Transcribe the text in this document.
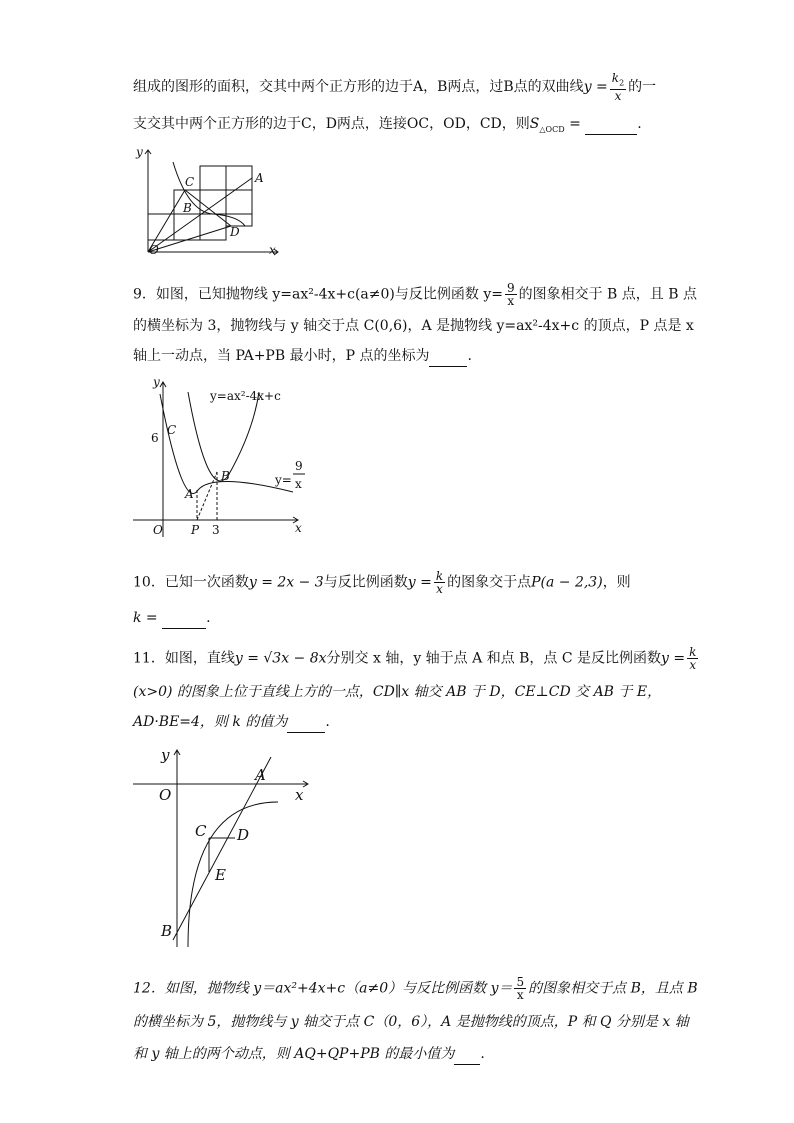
组成的图形的面积，交其中两个正方形的边于A，B两点，过B点的双曲线$y = \frac{k_2}{x}$ 的一
支交其中两个正方形的边于C，D两点，连接OC，OD，CD，则$S_{\triangle OCD}$ =	.
y
x
O
A
B
C
D
9．如图，已知抛物线 y=ax²-4x+c(a≠0)与反比例函数 $y= \frac{9}{x}$ 的图象相交于 B 点，且 B 点
的横坐标为 3，抛物线与 y 轴交于点 C(0,6)，A 是抛物线 y=ax²-4x+c 的顶点，P 点是 x
轴上一动点，当 PA+PB 最小时，P 点的坐标为	.
y
x
O
6
C
A
B
P 3
y=ax²-4x+c
y=
9
x
10．已知一次函数y = 2x − 3与反比例函数$y = \frac{k}{x}$ 的图象交于点P(a − 2,3)，则
k =	.
11．如图，直线y = √3x − 8x分别交 x 轴，y 轴于点 A 和点 B，点 C 是反比例函数$y = \frac{k}{x}$
(x>0) 的图象上位于直线上方的一点，CD∥x 轴交 AB 于 D，CE⊥CD 交 AB 于 E，
AD·BE=4，则 k 的值为	.
y
x
O
A
B
C D
E
12．如图，抛物线 y＝ax²+4x+c（a≠0）与反比例函数 $y= \frac{5}{x}$ 的图象相交于点 B，且点 B
的横坐标为 5，抛物线与 y 轴交于点 C（0，6），A 是抛物线的顶点，P 和 Q 分别是 x 轴
和 y 轴上的两个动点，则 AQ+QP+PB 的最小值为 .
